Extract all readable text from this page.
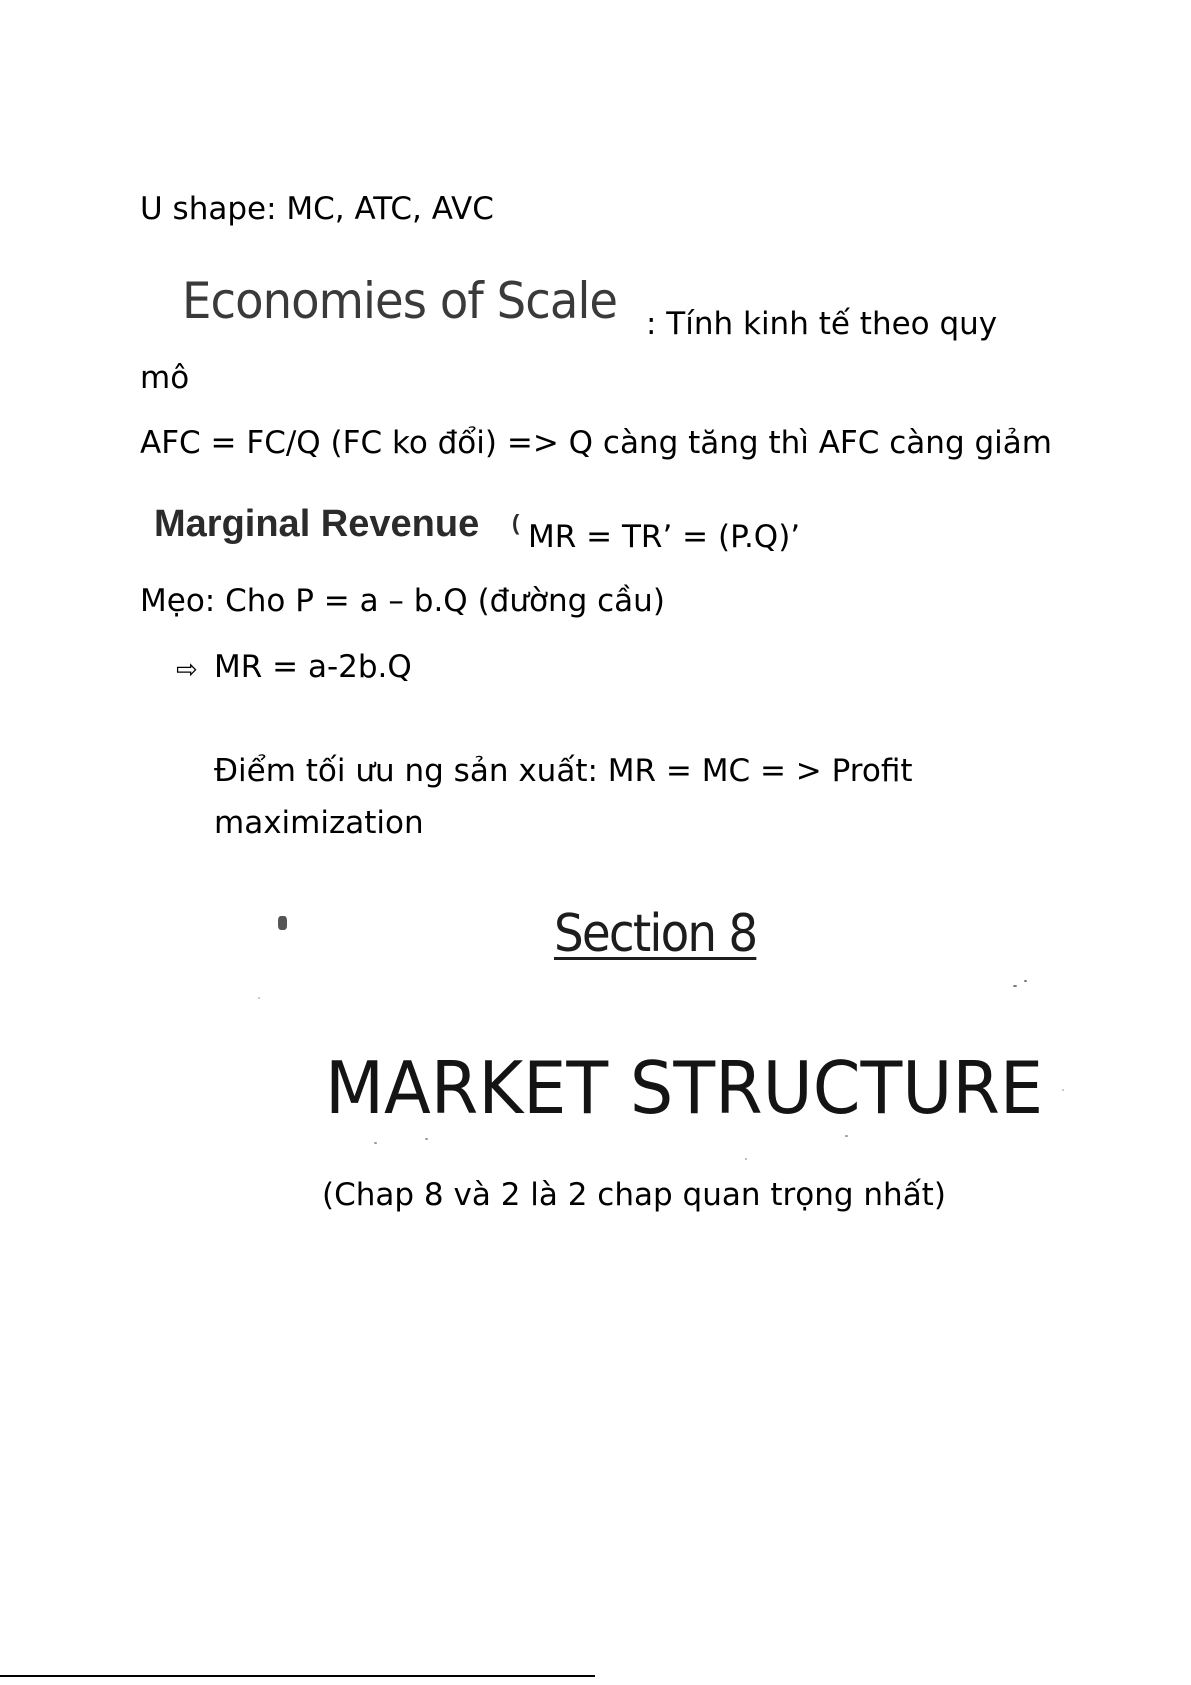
U shape: MC, ATC, AVC
Economies of Scale : Tính kinh tế theo quy
mô
AFC = FC/Q (FC ko đổi) => Q càng tăng thì AFC càng giảm
Marginal Revenue ( MR = TR’ = (P.Q)’
Mẹo: Cho P = a – b.Q (đường cầu)
⇨ MR = a-2b.Q
Điểm tối ưu ng sản xuất: MR = MC = > Profit
maximization
Section 8
MARKET STRUCTURE
(Chap 8 và 2 là 2 chap quan trọng nhất)
